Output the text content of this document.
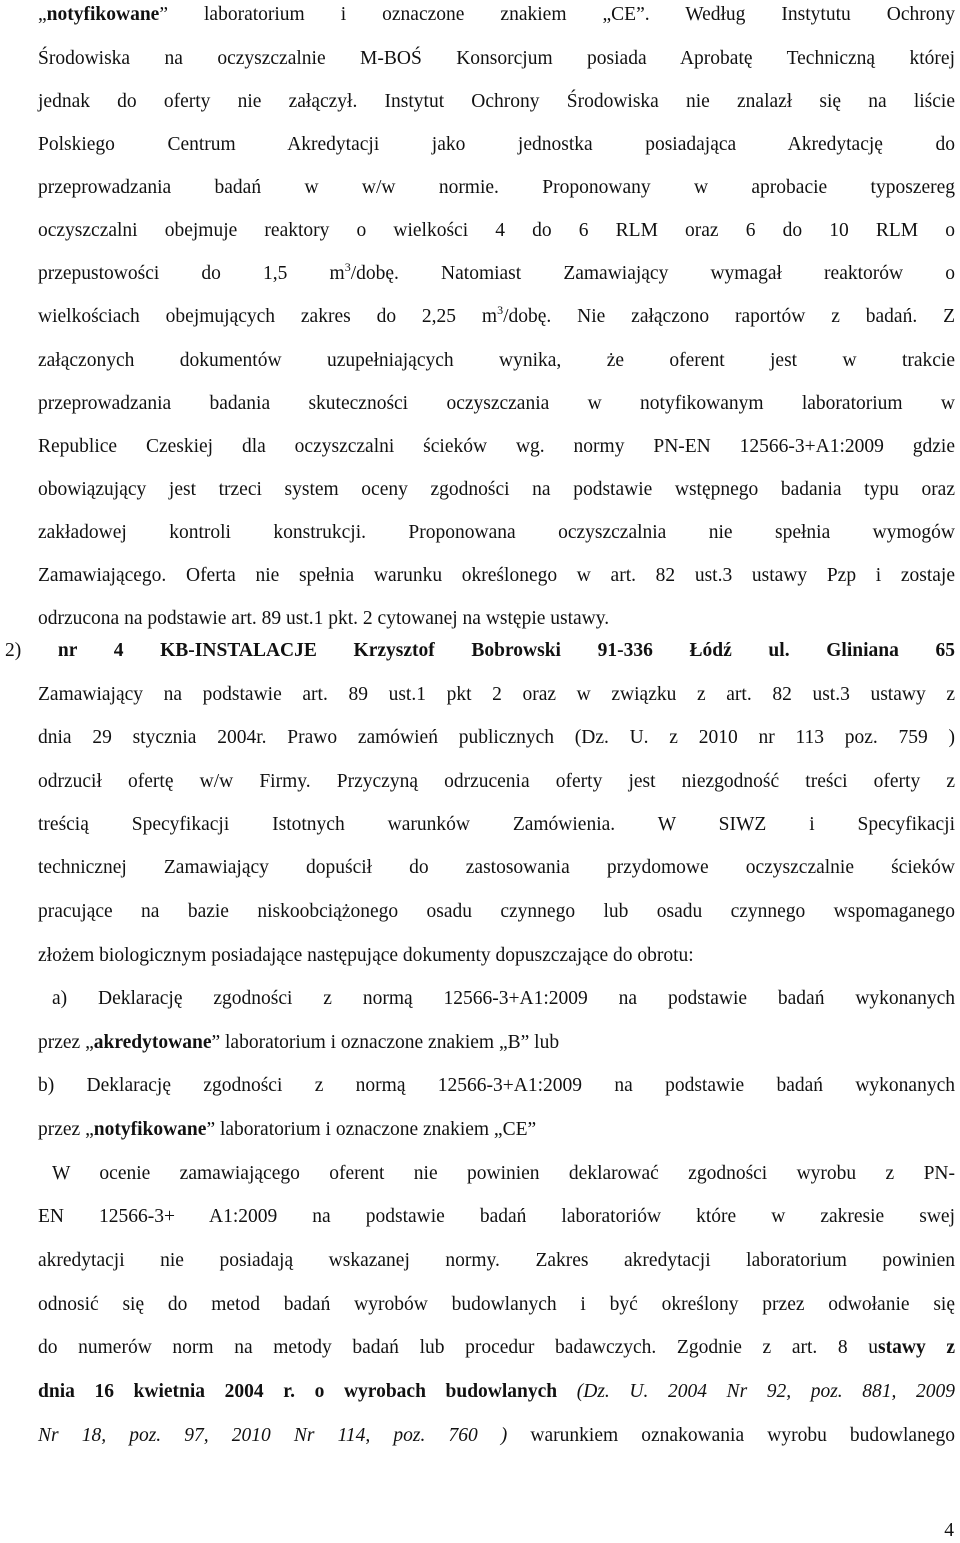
„notyfikowane” laboratorium i oznaczone znakiem „CE”. Według Instytutu Ochrony
Środowiska na oczyszczalnie M-BOŚ Konsorcjum posiada Aprobatę Techniczną której
jednak do oferty nie załączył. Instytut Ochrony Środowiska nie znalazł się na liście
Polskiego Centrum Akredytacji jako jednostka posiadająca Akredytację do
przeprowadzania badań w w/w normie. Proponowany w aprobacie typoszereg
oczyszczalni obejmuje reaktory o wielkości 4 do 6 RLM oraz 6 do 10 RLM o
przepustowości do 1,5 $m^3$/dobę. Natomiast Zamawiający wymagał reaktorów o
wielkościach obejmujących zakres do 2,25 $m^3$/dobę. Nie załączono raportów z badań. Z
załączonych dokumentów uzupełniających wynika, że oferent jest w trakcie
przeprowadzania badania skuteczności oczyszczania w notyfikowanym laboratorium w
Republice Czeskiej dla oczyszczalni ścieków wg. normy PN-EN 12566-3+A1:2009 gdzie
obowiązujący jest trzeci system oceny zgodności na podstawie wstępnego badania typu oraz
zakładowej kontroli konstrukcji. Proponowana oczyszczalnia nie spełnia wymogów
Zamawiającego. Oferta nie spełnia warunku określonego w art. 82 ust.3 ustawy Pzp i zostaje
odrzucona na podstawie art. 89 ust.1 pkt. 2 cytowanej na wstępie ustawy.
2) nr 4 KB-INSTALACJE Krzysztof Bobrowski 91-336 Łódź ul. Gliniana 65
Zamawiający na podstawie art. 89 ust.1 pkt 2 oraz w związku z art. 82 ust.3 ustawy z
dnia 29 stycznia 2004r. Prawo zamówień publicznych (Dz. U. z 2010 nr 113 poz. 759 )
odrzucił ofertę w/w Firmy. Przyczyną odrzucenia oferty jest niezgodność treści oferty z
treścią Specyfikacji Istotnych warunków Zamówienia. W SIWZ i Specyfikacji
technicznej Zamawiający dopuścił do zastosowania przydomowe oczyszczalnie ścieków
pracujące na bazie niskoobciążonego osadu czynnego lub osadu czynnego wspomaganego
złożem biologicznym posiadające następujące dokumenty dopuszczające do obrotu:
a) Deklarację zgodności z normą 12566-3+A1:2009 na podstawie badań wykonanych
przez „akredytowane” laboratorium i oznaczone znakiem „B” lub
b) Deklarację zgodności z normą 12566-3+A1:2009 na podstawie badań wykonanych
przez „notyfikowane” laboratorium i oznaczone znakiem „CE”
W ocenie zamawiającego oferent nie powinien deklarować zgodności wyrobu z PN-
EN 12566-3+ A1:2009 na podstawie badań laboratoriów które w zakresie swej
akredytacji nie posiadają wskazanej normy. Zakres akredytacji laboratorium powinien
odnosić się do metod badań wyrobów budowlanych i być określony przez odwołanie się
do numerów norm na metody badań lub procedur badawczych. Zgodnie z art. 8 ustawy z
dnia 16 kwietnia 2004 r. o wyrobach budowlanych (Dz. U. 2004 Nr 92, poz. 881, 2009
Nr 18, poz. 97, 2010 Nr 114, poz. 760 ) warunkiem oznakowania wyrobu budowlanego
4
